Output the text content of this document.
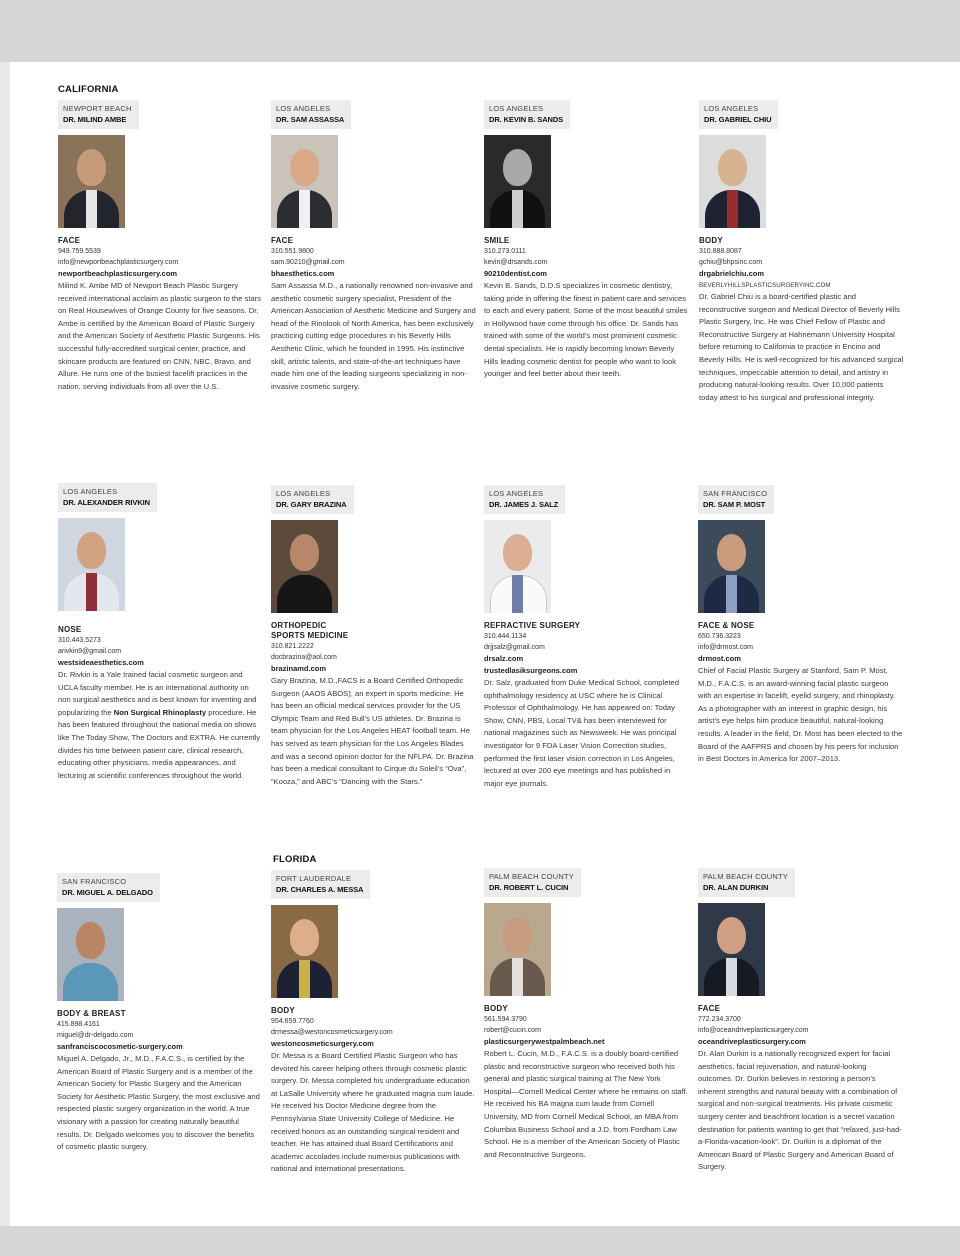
CALIFORNIA
FLORIDA
NEWPORT BEACH
DR. MILIND AMBE
FACE
949.759.5539
info@newportbeachplasticsurgery.com
newportbeachplasticsurgery.com
Milind K. Ambe MD of Newport Beach Plastic Surgery received international acclaim as plastic surgeon to the stars on Real Housewives of Orange County for five seasons. Dr. Ambe is certified by the American Board of Plastic Surgery and the American Society of Aesthetic Plastic Surgeons. His successful fully-accredited surgical center, practice, and skincare products are featured on CNN, NBC, Bravo, and Allure. He runs one of the busiest facelift practices in the nation, serving individuals from all over the U.S.
LOS ANGELES
DR. SAM ASSASSA
FACE
310.551.9800
sam.90210@gmail.com
bhaesthetics.com
Sam Assassa M.D., a nationally renowned non-invasive and aesthetic cosmetic surgery specialist, President of the American Association of Aesthetic Medicine and Surgery and head of the Rinolook of North America, has been exclusively practicing cutting edge procedures in his Beverly Hills Aesthetic Clinic, which he founded in 1995. His instinctive skill, artistic talents, and state-of-the-art techniques have made him one of the leading surgeons specializing in non-invasive cosmetic surgery.
LOS ANGELES
DR. KEVIN B. SANDS
SMILE
310.273.0111
kevin@drsands.com
90210dentist.com
Kevin B. Sands, D.D.S specializes in cosmetic dentistry, taking pride in offering the finest in patient care and services to each and every patient. Some of the most beautiful smiles in Hollywood have come through his office. Dr. Sands has trained with some of the world’s most prominent cosmetic dental specialists. He is rapidly becoming known Beverly Hills leading cosmetic dentist for people who want to look younger and feel better about their teeth.
LOS ANGELES
DR. GABRIEL CHIU
BODY
310.888.8087
gchiu@bhpsinc.com
drgabrielchiu.com
BEVERLYHILLSPLASTICSURGERYINC.COM
Dr. Gabriel Chiu is a board-certified plastic and reconstructive surgeon and Medical Director of Beverly Hills Plastic Surgery, Inc. He was Chief Fellow of Plastic and Reconstructive Surgery at Hahnemann University Hospital before returning to California to practice in Encino and Beverly Hills. He is well-recognized for his advanced surgical techniques, impeccable attention to detail, and artistry in producing natural-looking results. Over 10,000 patients today attest to his surgical and professional integrity.
LOS ANGELES
DR. ALEXANDER RIVKIN
NOSE
310.443.5273
arivkin9@gmail.com
westsideaesthetics.com
Dr. Rivkin is a Yale trained facial cosmetic surgeon and UCLA faculty member. He is an international authority on non surgical aesthetics and is best known for inventing and popularizing the Non Surgical Rhinoplasty procedure. He has been featured throughout the national media on shows like The Today Show, The Doctors and EXTRA. He currently divides his time between patient care, clinical research, educating other physicians, media appearances, and lecturing at scientific conferences throughout the world.
LOS ANGELES
DR. GARY BRAZINA
ORTHOPEDIC
SPORTS MEDICINE
310.821.2222
docbrazina@aol.com
brazinamd.com
Gary Brazina, M.D.,FACS is a Board Certified Orthopedic Surgeon (AAOS ABOS), an expert in sports medicine. He has been an official medical services provider for the US Olympic Team and Red Bull’s US athletes. Dr. Brazina is team physician for the Los Angeles HEAT football team. He has served as team physician for the Los Angeles Blades and was a second opinion doctor for the NFLPA. Dr. Brazina has been a medical consultant to Cirque du Soleil’s “Ova”, “Kooza,” and ABC’s “Dancing with the Stars.”
LOS ANGELES
DR. JAMES J. SALZ
REFRACTIVE SURGERY
310.444.1134
drjjsalz@gmail.com
drsalz.com
trustedlasiksurgeons.com
Dr. Salz, graduated from Duke Medical School, completed ophthalmology residency at USC where he is Clinical Professor of Ophthalmology. He has appeared on: Today Show, CNN, PBS, Local TV& has been interviewed for national magazines such as Newsweek. He was principal investigator for 9 FDA Laser Vision Correction studies, performed the first laser vision correction in Los Angeles, lectured at over 200 eye meetings and has published in major eye journals.
SAN FRANCISCO
DR. SAM P. MOST
FACE & NOSE
650.736.3223
info@drmost.com
drmost.com
Chief of Facial Plastic Surgery at Stanford, Sam P. Most, M.D., F.A.C.S. is an award-winning facial plastic surgeon with an expertise in facelift, eyelid surgery, and rhinoplasty. As a photographer with an interest in graphic design, his artist’s eye helps him produce beautiful, natural-looking results. A leader in the field, Dr. Most has been elected to the Board of the AAFPRS and chosen by his peers for inclusion in Best Doctors in America for 2007–2013.
SAN FRANCISCO
DR. MIGUEL A. DELGADO
BODY & BREAST
415.898.4161
miguel@dr-delgado.com
sanfranciscocosmetic-surgery.com
Miguel A. Delgado, Jr., M.D., F.A.C.S., is certified by the American Board of Plastic Surgery and is a member of the American Society for Plastic Surgery and the American Society for Aesthetic Plastic Surgery, the most exclusive and respected plastic surgery organization in the world. A true visionary with a passion for creating naturally beautiful results. Dr. Delgado welcomes you to discover the benefits of cosmetic plastic surgery.
FORT LAUDERDALE
DR. CHARLES A. MESSA
BODY
954.659.7760
drmessa@westoncosmeticsurgery.com
westoncosmeticsurgery.com
Dr. Messa is a Board Certified Plastic Surgeon who has devoted his career helping others through cosmetic plastic surgery. Dr. Messa completed his undergraduate education at LaSalle University where he graduated magna cum laude. He received his Doctor Medicine degree from the Pennsylvania State University College of Medicine. He received honors as an outstanding surgical resident and teacher. He has attained dual Board Certifications and academic accolades include numerous publications with national and international presentations.
PALM BEACH COUNTY
DR. ROBERT L. CUCIN
BODY
561.594.3790
robert@cucin.com
plasticsurgerywestpalmbeach.net
Robert L. Cucin, M.D., F.A.C.S. is a doubly board-certified plastic and reconstructive surgeon who received both his general and plastic surgical training at The New York Hospital—Cornell Medical Center where he remains on staff. He received his BA magna cum laude from Cornell University, MD from Cornell Medical School, an MBA from Columbia Business School and a J.D. from Fordham Law School. He is a member of the American Society of Plastic and Reconstructive Surgeons.
PALM BEACH COUNTY
DR. ALAN DURKIN
FACE
772.234.3700
info@oceandriveplasticsurgery.com
oceandriveplasticsurgery.com
Dr. Alan Durkin is a nationally recognized expert for facial aesthetics, facial rejuvenation, and natural-looking outcomes. Dr. Durkin believes in restoring a person’s inherent strengths and natural beauty with a combination of surgical and non-surgical treatments. His private cosmetic surgery center and beachfront location is a secret vacation destination for patients wanting to get that “relaxed, just-had-a-Florida-vacation-look”. Dr. Durkin is a diplomat of the American Board of Plastic Surgery and American Board of Surgery.
